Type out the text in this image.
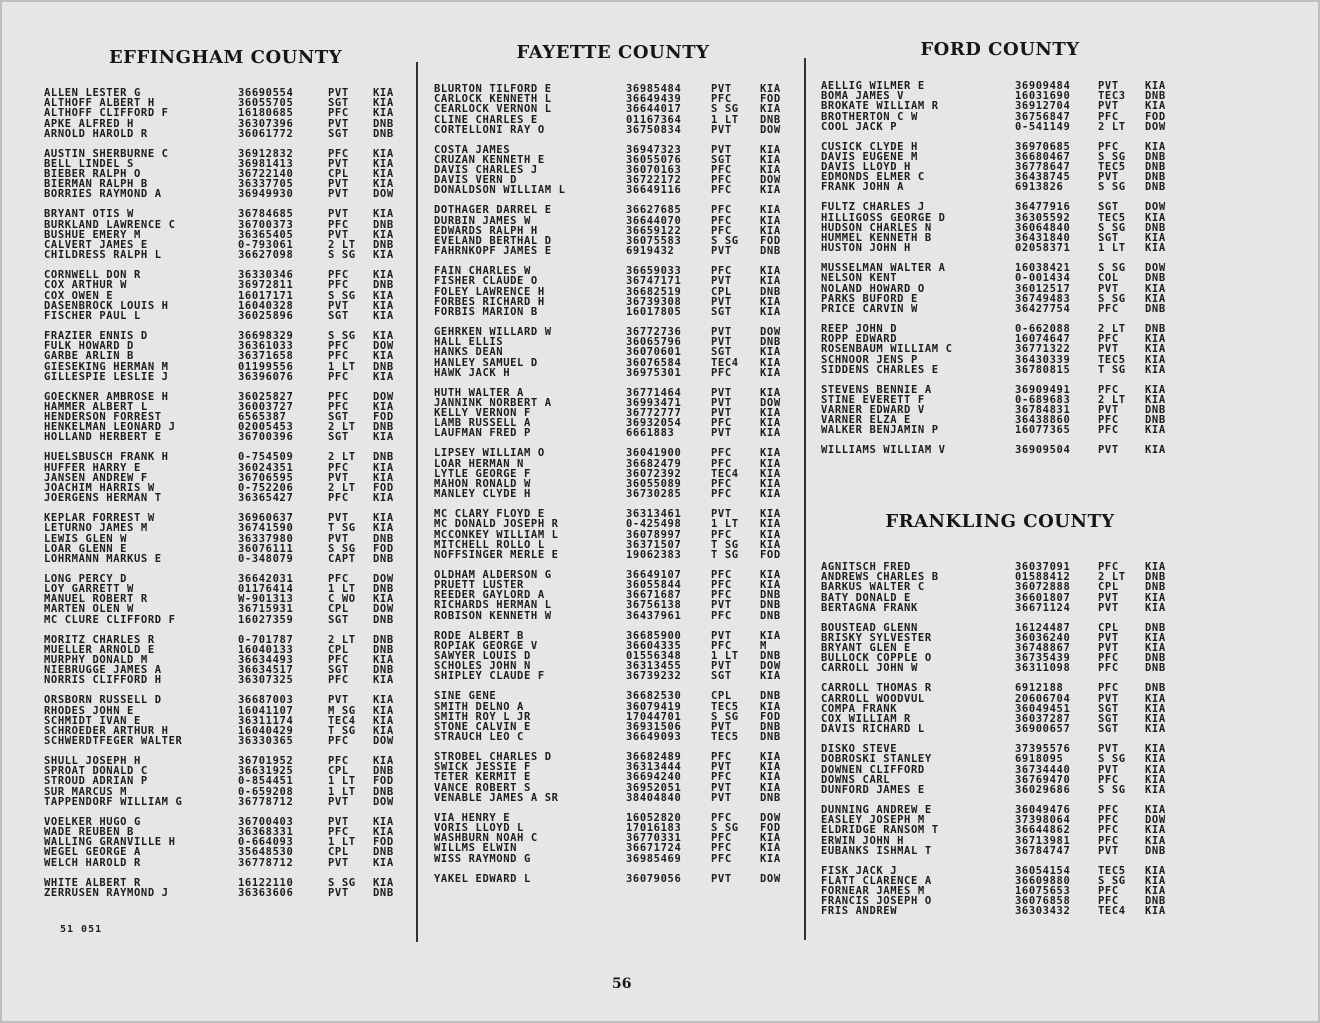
EFFINGHAM COUNTY
ALLEN LESTER G	36690554	PVT KIA
ALTHOFF ALBERT H	36055705	SGT KIA
ALTHOFF CLIFFORD F	16180685	PFC KIA
APKE ALFRED H	36307396	PVT DNB
ARNOLD HAROLD R	36061772	SGT DNB
AUSTIN SHERBURNE C	36912832	PFC KIA
BELL LINDEL S	36981413	PVT KIA
BIEBER RALPH O	36722140	CPL KIA
BIERMAN RALPH B	36337705	PVT KIA
BORRIES RAYMOND A	36949930	PVT DOW
BRYANT OTIS W	36784685	PVT KIA
BURKLAND LAWRENCE C	36700373	PFC DNB
BUSHUE EMERY M	36365405	PVT KIA
CALVERT JAMES E	0-793061	2 LT DNB
CHILDRESS RALPH L	36627098	S SG KIA
CORNWELL DON R	36330346	PFC KIA
COX ARTHUR W	36972811	PFC DNB
COX OWEN E	16017171	S SG KIA
DASENBROCK LOUIS H	16040328	PVT KIA
FISCHER PAUL L	36025896	SGT KIA
FRAZIER ENNIS D	36698329	S SG KIA
FULK HOWARD D	36361033	PFC DOW
GARBE ARLIN B	36371658	PFC KIA
GIESEKING HERMAN M	01199556	1 LT DNB
GILLESPIE LESLIE J	36396076	PFC KIA
GOECKNER AMBROSE H	36025827	PFC DOW
HAMMER ALBERT L	36003727	PFC KIA
HENDERSON FORREST	6565387	SGT FOD
HENKELMAN LEONARD J	02005453	2 LT DNB
HOLLAND HERBERT E	36700396	SGT KIA
HUELSBUSCH FRANK H	0-754509	2 LT DNB
HUFFER HARRY E	36024351	PFC KIA
JANSEN ANDREW F	36706595	PVT KIA
JOACHIM HARRIS W	0-752206	2 LT FOD
JOERGENS HERMAN T	36365427	PFC KIA
KEPLAR FORREST W	36960637	PVT KIA
LETURNO JAMES M	36741590	T SG KIA
LEWIS GLEN W	36337980	PVT DNB
LOAR GLENN E	36076111	S SG FOD
LOHRMANN MARKUS E	0-348079	CAPT DNB
LONG PERCY D	36642031	PFC DOW
LOY GARRETT W	01176414	1 LT DNB
MANUEL ROBERT R	W-901313	C WO KIA
MARTEN OLEN W	36715931	CPL DOW
MC CLURE CLIFFORD F	16027359	SGT DNB
MORITZ CHARLES R	0-701787	2 LT DNB
MUELLER ARNOLD E	16040133	CPL DNB
MURPHY DONALD M	36634493	PFC KIA
NIEBRUGGE JAMES A	36634517	SGT DNB
NORRIS CLIFFORD H	36307325	PFC KIA
ORSBORN RUSSELL D	36687003	PVT KIA
RHODES JOHN E	16041107	M SG KIA
SCHMIDT IVAN E	36311174	TEC4 KIA
SCHROEDER ARTHUR H	16040429	T SG KIA
SCHWERDTFEGER WALTER	36330365	PFC DOW
SHULL JOSEPH H	36701952	PFC KIA
SPROAT DONALD C	36631925	CPL DNB
STROUD ADRIAN P	0-854451	1 LT FOD
SUR MARCUS M	0-659208	1 LT DNB
TAPPENDORF WILLIAM G	36778712	PVT DOW
VOELKER HUGO G	36700403	PVT KIA
WADE REUBEN B	36368331	PFC KIA
WALLING GRANVILLE H	0-664093	1 LT FOD
WEGEL GEORGE A	35648530	CPL DNB
WELCH HAROLD R	36778712	PVT KIA
WHITE ALBERT R	16122110	S SG KIA
ZERRUSEN RAYMOND J	36363606	PVT DNB
FAYETTE COUNTY
BLURTON TILFORD E	36985484	PVT	KIA
CARLOCK KENNETH L	36649439	PFC	FOD
CEARLOCK VERNON L	36644017	S SG KIA
CLINE CHARLES E	01167364	1 LT DNB
CORTELLONI RAY O	36750834	PVT	DOW
COSTA JAMES	36947323	PVT	KIA
CRUZAN KENNETH E	36055076	SGT	KIA
DAVIS CHARLES J	36070163	PFC	KIA
DAVIS VERN D	36722172	PFC	DOW
DONALDSON WILLIAM L	36649116	PFC	KIA
DOTHAGER DARREL E	36627685	PFC	KIA
DURBIN JAMES W	36644070	PFC	KIA
EDWARDS RALPH H	36659122	PFC	KIA
EVELAND BERTHAL D	36075583	S SG FOD
FAHRNKOPF JAMES E	6919432	PVT	DNB
FAIN CHARLES W	36659033	PFC	KIA
FISHER CLAUDE O	36747171	PVT	KIA
FOLEY LAWRENCE H	36682519	CPL	DNB
FORBES RICHARD H	36739308	PVT	KIA
FORBIS MARION B	16017805	SGT	KIA
GEHRKEN WILLARD W	36772736	PVT	DOW
HALL ELLIS	36065796	PVT	DNB
HANKS DEAN	36070601	SGT	KIA
HANLEY SAMUEL D	36076584	TEC4 KIA
HAWK JACK H	36975301	PFC	KIA
HUTH WALTER A	36771464	PVT	KIA
JANNINK NORBERT A	36993471	PVT	DOW
KELLY VERNON F	36772777	PVT	KIA
LAMB RUSSELL A	36932054	PFC	KIA
LAUFMAN FRED P	6661883	PVT	KIA
LIPSEY WILLIAM O	36041900	PFC	KIA
LOAR HERMAN N	36682479	PFC	KIA
LYTLE GEORGE F	36072392	TEC4 KIA
MAHON RONALD W	36055089	PFC	KIA
MANLEY CLYDE H	36730285	PFC	KIA
MC CLARY FLOYD E	36313461	PVT	KIA
MC DONALD JOSEPH R	0-425498	1 LT KIA
MCCONKEY WILLIAM L	36078997	PFC	KIA
MITCHELL ROLLO L	36371507	T SG KIA
NOFFSINGER MERLE E	19062383	T SG FOD
OLDHAM ALDERSON G	36649107	PFC	KIA
PRUETT LUSTER	36055844	PFC	KIA
REEDER GAYLORD A	36671687	PFC	DNB
RICHARDS HERMAN L	36756138	PVT	DNB
ROBISON KENNETH W	36437961	PFC	DNB
RODE ALBERT B	36685900	PVT	KIA
ROPIAK GEORGE V	36604335	PFC	M
SAWYER LOUIS D	01556348	1 LT DNB
SCHOLES JOHN N	36313455	PVT	DOW
SHIPLEY CLAUDE F	36739232	SGT	KIA
SINE GENE	36682530	CPL	DNB
SMITH DELNO A	36079419	TEC5 KIA
SMITH ROY L JR	17044701	S SG FOD
STONE CALVIN E	36931506	PVT	DNB
STRAUCH LEO C	36649093	TEC5 DNB
STROBEL CHARLES D	36682489	PFC	KIA
SWICK JESSIE F	36313444	PVT	KIA
TETER KERMIT E	36694240	PFC	KIA
VANCE ROBERT S	36952051	PVT	KIA
VENABLE JAMES A SR	38404840	PVT	DNB
VIA HENRY E	16052820	PFC	DOW
VORIS LLOYD L	17016183	S SG FOD
WASHBURN NOAH C	36770331	PFC	KIA
WILLMS ELWIN	36671724	PFC	KIA
WISS RAYMOND G	36985469	PFC	KIA
YAKEL EDWARD L	36079056	PVT	DOW
FORD COUNTY
AELLIG WILMER E	36909484	PVT KIA
BOMA JAMES V	16031690	TEC3 DNB
BROKATE WILLIAM R	36912704	PVT KIA
BROTHERTON C W	36756847	PFC FOD
COOL JACK P	0-541149	2 LT DOW
CUSICK CLYDE H	36970685	PFC KIA
DAVIS EUGENE M	36680467	S SG DNB
DAVIS LLOYD H	36778647	TEC5 DNB
EDMONDS ELMER C	36438745	PVT DNB
FRANK JOHN A	6913826	S SG DNB
FULTZ CHARLES J	36477916	SGT DOW
HILLIGOSS GEORGE D	36305592	TEC5 KIA
HUDSON CHARLES N	36064840	S SG DNB
HUMMEL KENNETH B	36431840	SGT KIA
HUSTON JOHN H	02058371	1 LT KIA
MUSSELMAN WALTER A	16038421	S SG DOW
NELSON KENT	0-001434	COL DNB
NOLAND HOWARD O	36012517	PVT KIA
PARKS BUFORD E	36749483	S SG KIA
PRICE CARVIN W	36427754	PFC DNB
REEP JOHN D	0-662088	2 LT DNB
ROPP EDWARD	16074647	PFC KIA
ROSENBAUM WILLIAM C	36771322	PVT KIA
SCHNOOR JENS P	36430339	TEC5 KIA
SIDDENS CHARLES E	36780815	T SG KIA
STEVENS BENNIE A	36909491	PFC KIA
STINE EVERETT F	0-689683	2 LT KIA
VARNER EDWARD V	36784831	PVT DNB
VARNER ELZA E	36438860	PFC DNB
WALKER BENJAMIN P	16077365	PFC KIA
WILLIAMS WILLIAM V	36909504	PVT KIA
FRANKLING COUNTY
AGNITSCH FRED	36037091	PFC KIA
ANDREWS CHARLES B	01588412	2 LT DNB
BARKUS WALTER C	36072888	CPL DNB
BATY DONALD E	36601807	PVT KIA
BERTAGNA FRANK	36671124	PVT KIA
BOUSTEAD GLENN	16124487	CPL DNB
BRISKY SYLVESTER	36036240	PVT KIA
BRYANT GLEN E	36748867	PVT KIA
BULLOCK COPPLE O	36735439	PFC DNB
CARROLL JOHN W	36311098	PFC DNB
CARROLL THOMAS R	6912188	PFC DNB
CARROLL WOODVUL	20606704	PVT KIA
COMPA FRANK	36049451	SGT KIA
COX WILLIAM R	36037287	SGT KIA
DAVIS RICHARD L	36900657	SGT KIA
DISKO STEVE	37395576	PVT KIA
DOBROSKI STANLEY	6918095	S SG KIA
DOWNEN CLIFFORD	36734440	PVT KIA
DOWNS CARL	36769470	PFC KIA
DUNFORD JAMES E	36029686	S SG KIA
DUNNING ANDREW E	36049476	PFC KIA
EASLEY JOSEPH M	37398064	PFC DOW
ELDRIDGE RANSOM T	36644862	PFC KIA
ERWIN JOHN H	36713981	PFC KIA
EUBANKS ISHMAL T	36784747	PVT DNB
FISK JACK J	36054154	TEC5 KIA
FLATT CLARENCE A	36609880	S SG KIA
FORNEAR JAMES M	16075653	PFC KIA
FRANCIS JOSEPH O	36076858	PFC DNB
FRIS ANDREW	36303432	TEC4 KIA
51 051
56
